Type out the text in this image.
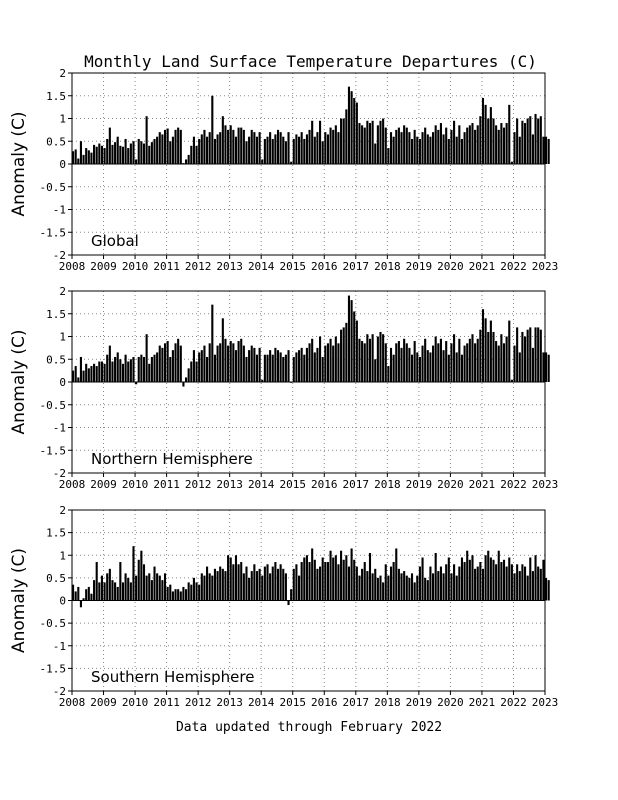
2008 2009 2010 2011 2012 2013 2014 2015 2016 2017 2018 2019 2020 2021 2022 2023
-2
-1.5
-1
-0.5
0
0.5
1
1.5
2
Anomaly (C)
Global
Monthly Land Surface Temperature Departures (C)
2008 2009 2010 2011 2012 2013 2014 2015 2016 2017 2018 2019 2020 2021 2022 2023
-2
-1.5
-1
-0.5
0
0.5
1
1.5
2
Anomaly (C)
Northern Hemisphere
2008 2009 2010 2011 2012 2013 2014 2015 2016 2017 2018 2019 2020 2021 2022 2023
-2
-1.5
-1
-0.5
0
0.5
1
1.5
2
Anomaly (C)
Southern Hemisphere
Data updated through February 2022
